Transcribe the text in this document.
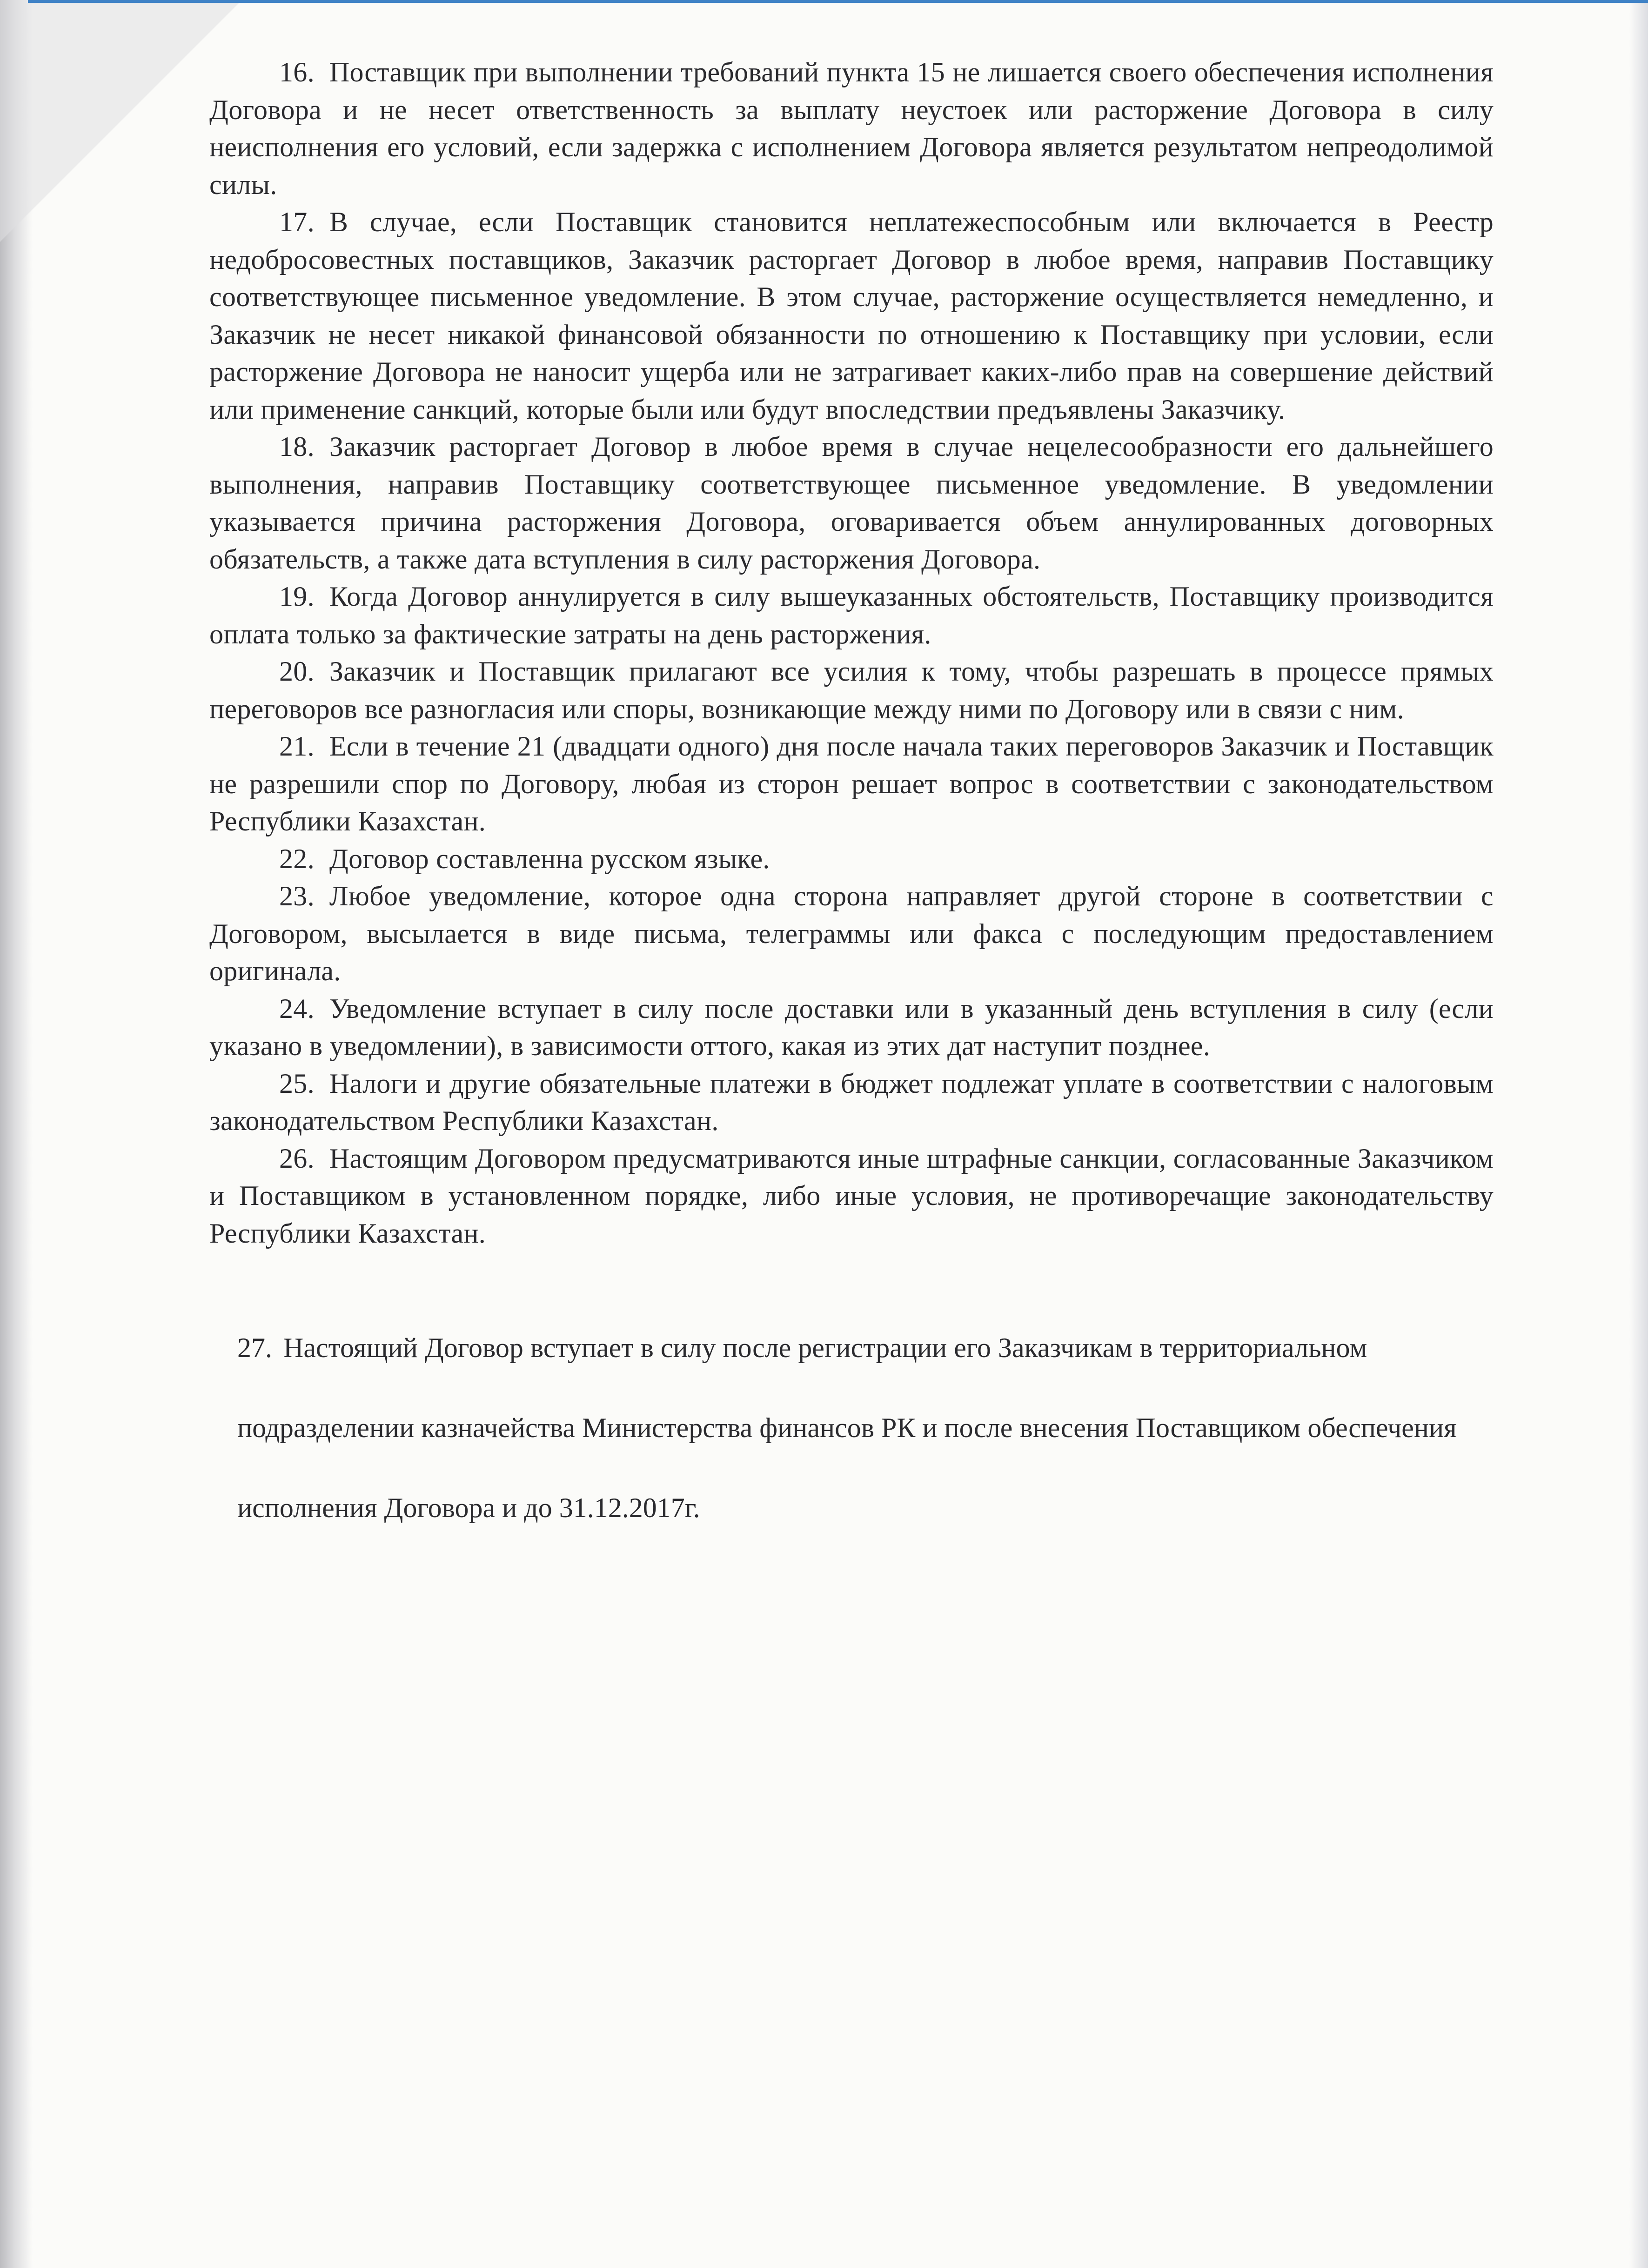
16. Поставщик при выполнении требований пункта 15 не лишается своего обеспечения исполнения Договора и не несет ответственность за выплату неустоек или расторжение Договора в силу неисполнения его условий, если задержка с исполнением Договора является результатом непреодолимой силы.

17. В случае, если Поставщик становится неплатежеспособным или включается в Реестр недобросовестных поставщиков, Заказчик расторгает Договор в любое время, направив Поставщику соответствующее письменное уведомление. В этом случае, расторжение осуществляется немедленно, и Заказчик не несет никакой финансовой обязанности по отношению к Поставщику при условии, если расторжение Договора не наносит ущерба или не затрагивает каких-либо прав на совершение действий или применение санкций, которые были или будут впоследствии предъявлены Заказчику.

18. Заказчик расторгает Договор в любое время в случае нецелесообразности его дальнейшего выполнения, направив Поставщику соответствующее письменное уведомление. В уведомлении указывается причина расторжения Договора, оговаривается объем аннулированных договорных обязательств, а также дата вступления в силу расторжения Договора.

19. Когда Договор аннулируется в силу вышеуказанных обстоятельств, Поставщику производится оплата только за фактические затраты на день расторжения.

20. Заказчик и Поставщик прилагают все усилия к тому, чтобы разрешать в процессе прямых переговоров все разногласия или споры, возникающие между ними по Договору или в связи с ним.

21. Если в течение 21 (двадцати одного) дня после начала таких переговоров Заказчик и Поставщик не разрешили спор по Договору, любая из сторон решает вопрос в соответствии с законодательством Республики Казахстан.

22. Договор составленна русском языке.

23. Любое уведомление, которое одна сторона направляет другой стороне в соответствии с Договором, высылается в виде письма, телеграммы или факса с последующим предоставлением оригинала.

24. Уведомление вступает в силу после доставки или в указанный день вступления в силу (если указано в уведомлении), в зависимости оттого, какая из этих дат наступит позднее.

25. Налоги и другие обязательные платежи в бюджет подлежат уплате в соответствии с налоговым законодательством Республики Казахстан.

26. Настоящим Договором предусматриваются иные штрафные санкции, согласованные Заказчиком и Поставщиком в установленном порядке, либо иные условия, не противоречащие законодательству Республики Казахстан.

27. Настоящий Договор вступает в силу после регистрации его Заказчикам в территориальном подразделении казначейства Министерства финансов РК и после внесения Поставщиком обеспечения исполнения Договора и до 31.12.2017г.
